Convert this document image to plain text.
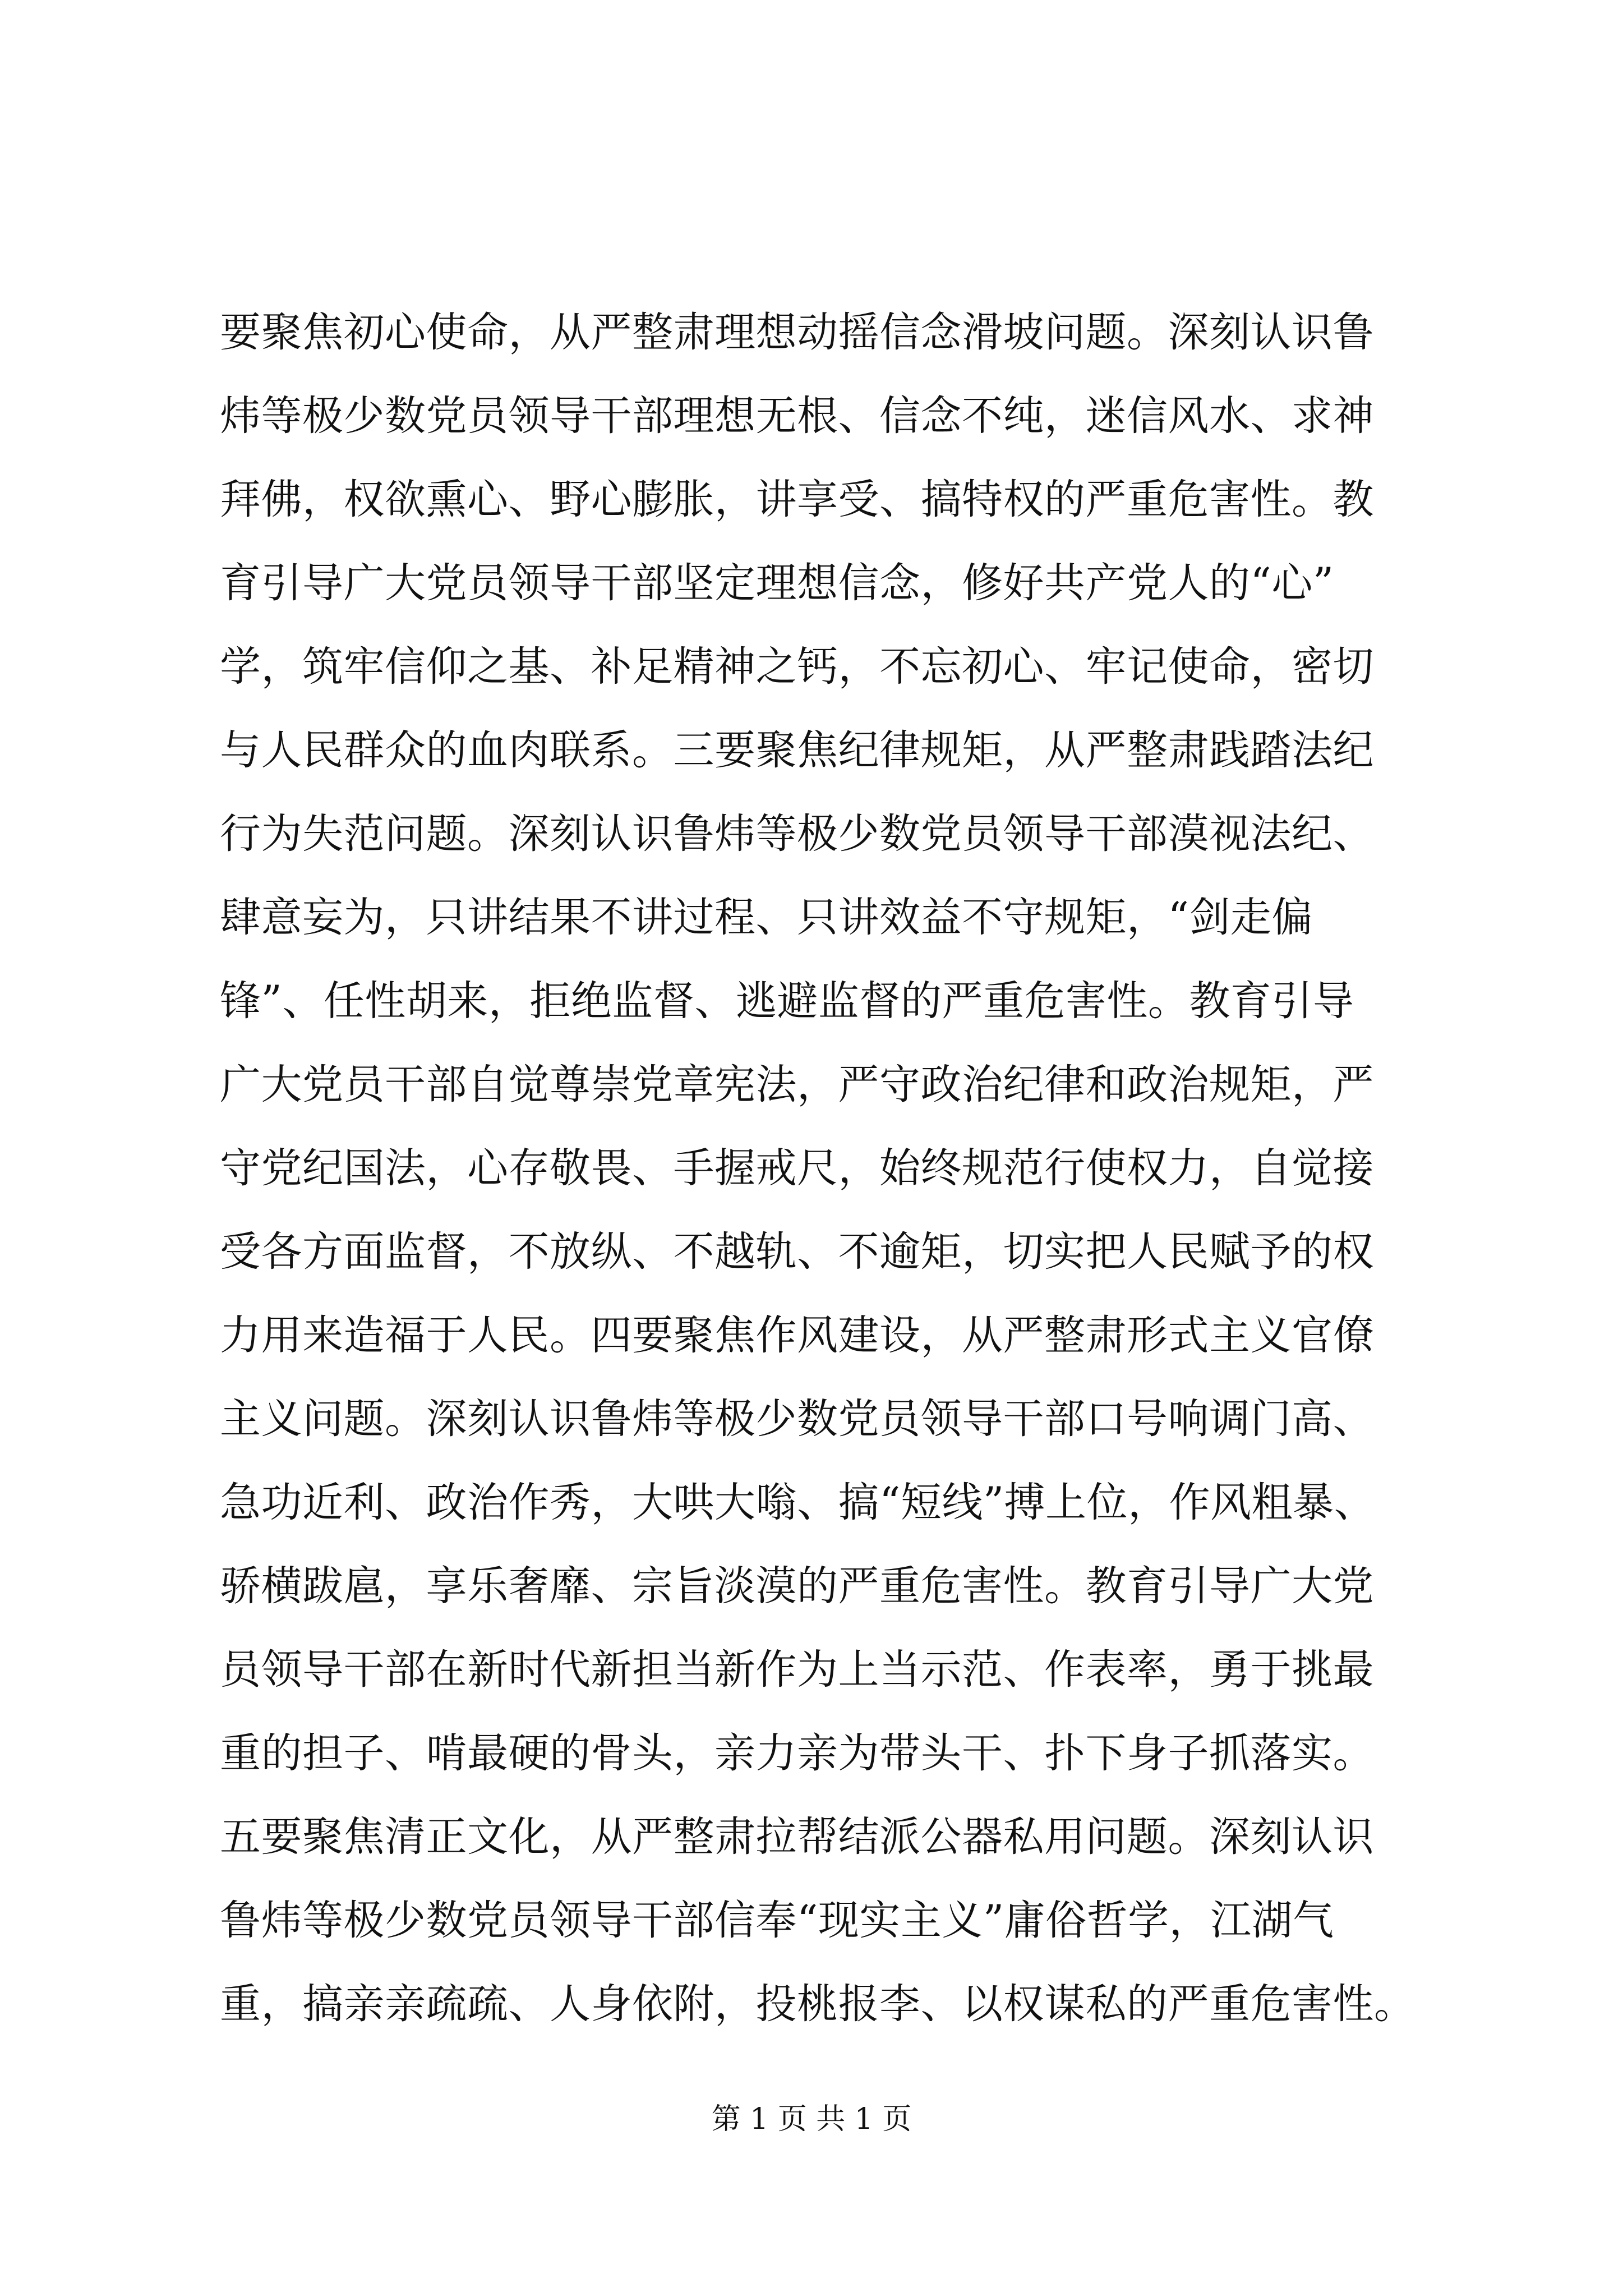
要聚焦初心使命，从严整肃理想动摇信念滑坡问题。深刻认识鲁
炜等极少数党员领导干部理想无根、信念不纯，迷信风水、求神
拜佛，权欲熏心、野心膨胀，讲享受、搞特权的严重危害性。教
育引导广大党员领导干部坚定理想信念，修好共产党人的“心”
学，筑牢信仰之基、补足精神之钙，不忘初心、牢记使命，密切
与人民群众的血肉联系。三要聚焦纪律规矩，从严整肃践踏法纪
行为失范问题。深刻认识鲁炜等极少数党员领导干部漠视法纪、
肆意妄为，只讲结果不讲过程、只讲效益不守规矩，“剑走偏
锋”、任性胡来，拒绝监督、逃避监督的严重危害性。教育引导
广大党员干部自觉尊崇党章宪法，严守政治纪律和政治规矩，严
守党纪国法，心存敬畏、手握戒尺，始终规范行使权力，自觉接
受各方面监督，不放纵、不越轨、不逾矩，切实把人民赋予的权
力用来造福于人民。四要聚焦作风建设，从严整肃形式主义官僚
主义问题。深刻认识鲁炜等极少数党员领导干部口号响调门高、
急功近利、政治作秀，大哄大嗡、搞“短线”搏上位，作风粗暴、
骄横跋扈，享乐奢靡、宗旨淡漠的严重危害性。教育引导广大党
员领导干部在新时代新担当新作为上当示范、作表率，勇于挑最
重的担子、啃最硬的骨头，亲力亲为带头干、扑下身子抓落实。
五要聚焦清正文化，从严整肃拉帮结派公器私用问题。深刻认识
鲁炜等极少数党员领导干部信奉“现实主义”庸俗哲学，江湖气
重，搞亲亲疏疏、人身依附，投桃报李、以权谋私的严重危害性。
第 1 页 共 1 页
